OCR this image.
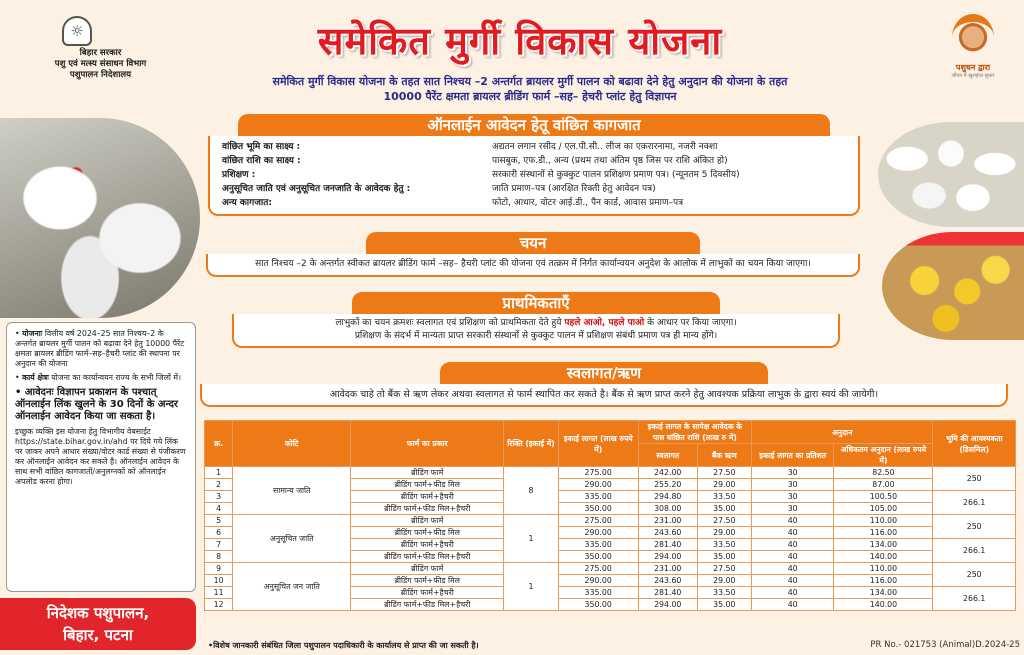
☼
बिहार सरकार
पशु एवं मत्स्य संसाधन विभाग
पशुपालन निदेशालय
समेकित मुर्गी विकास योजना
समेकित मुर्गी विकास योजना के तहत सात निश्चय –2 अन्तर्गत ब्रायलर मुर्गी पालन को बढावा देने हेतु अनुदान की योजना के तहत
10000 पैरेंट क्षमता ब्रायलर ब्रीडिंग फार्म –सह– हेचरी प्लांट हेतु विज्ञापन
पशुधन द्वारा
जीवन में खुशहाल सुधार
ऑनलाईन आवेदन हेतू वांछित कागजात
वांछित भूमि का साक्ष्य :	अद्यतन लगान रसीद / एल.पी.सी.. लीज का एकरारनामा, नजरी नक्शा
वांछित राशि का साक्ष्य :	पासबुक, एफ.डी., अन्य (प्रथम तथा अंतिम पृष्ठ जिस पर राशि अंकित हो)
प्रशिक्षण :	सरकारी संस्थानों से कुक्कुट पालन प्रशिक्षण प्रमाण पत्र। (न्यूनतम 5 दिवसीय)
अनुसूचित जाति एवं अनुसूचित जनजाति के आवेदक हेतु :	जाति प्रमाण–पत्र (आरक्षित रिक्ती हेतु आवेदन पत्र)
अन्य कागजात:	फोटो, आधार, वोटर आई.डी., पैन कार्ड, आवास प्रमाण–पत्र
चयन
सात निश्चय –2 के अन्तर्गत स्वीकत ब्रायलर ब्रीडिंग फार्म –सह– हैचरी प्लांट की योजना एवं तत्क्रम में निर्गत कार्यान्वयन अनुदेश के आलोक में लाभुकों का चयन किया जाएगा।
प्राथमिकताएँ
लाभुकों का चयन क्रमशः स्वलागत एवं प्रशिक्षण को प्राथमिकता देते हुये पहले आओ, पहले पाओ के आधार पर किया जाएगा।
प्रशिक्षण के संदर्भ में मान्यता प्राप्त सरकारी संस्थानों से कुक्कुट पालन में प्रशिक्षण संबंधी प्रमाण पत्र ही मान्य होंगे।
स्वलागत/ऋण
आवेदक चाहे तो बैंक से ऋण लेकर अथवा स्वलागत से फार्म स्थापित कर सकते है। बैंक से ऋण प्राप्त करने हेतु आवश्यक प्रक्रिया लाभुक के द्वारा स्वयं की जायेगी।

• योजनाः वित्तीय वर्ष 2024–25 सात निश्चय–2 के अन्तर्गत ब्रायलर मुर्गी पालन को बढावा देने हेतु 10000 पैरेंट क्षमता ब्रायलर ब्रीडिंग फार्म–सह–हैचरी प्लांट की स्थापना पर अनुदान की योजना

• कार्य क्षेत्रः योजना का कार्यान्वयन राज्य के सभी जिलों में।

• आवेदनः विज्ञापन प्रकाशन के पश्चात् ऑनलाईन लिंक खुलने के 30 दिनों के अन्दर ऑनलाईन आवेदन किया जा सकता है।

इच्छुक व्यक्ति इस योजना हेतु विभागीय वेबसाईट https://state.bihar.gov.in/ahd पर दिये गये लिंक पर जाकर अपने आधार संख्या/वोटर कार्ड संख्या से पंजीकरण कर ऑनलाईन आवेदन कर सकते है। ऑनलाईन आवेदन के साथ सभी वांछित कागजातों/अनुलग्नकों को ऑनलाईन अपलोड करना होगा।

निदेशक पशुपालन,
बिहार, पटना
क्र.	कोटि	फार्म का प्रकार	रिक्ति (इकाई में)	इकाई लागत (लाख रुपये में)	इकाई लागत के सापेक्ष आवेदक के पास वांछित राशि (लाख रु में)		अनुदान		भूमि की आवश्यकता (डिसमिल)
					स्वलागत	बैंक ऋण	इकाई लागत का प्रतिशत	अधिकतम अनुदान (लाख रुपये में)	
1	सामान्य जाति	ब्रीडिंग फार्म	8	275.00	242.00	27.50	30	82.50	250
2		ब्रीडिंग फार्म+फीड मिल		290.00	255.20	29.00	30	87.00	
3		ब्रीडिंग फार्म+हैचरी		335.00	294.80	33.50	30	100.50	266.1
4		ब्रीडिंग फार्म+फीड मिल+हैचरी		350.00	308.00	35.00	30	105.00	
5	अनुसूचित जाति	ब्रीडिंग फार्म	1	275.00	231.00	27.50	40	110.00	250
6		ब्रीडिंग फार्म+फीड मिल		290.00	243.60	29.00	40	116.00	
7		ब्रीडिंग फार्म+हैचरी		335.00	281.40	33.50	40	134.00	266.1
8		ब्रीडिंग फार्म+फीड मिल+हैचरी		350.00	294.00	35.00	40	140.00	
9	अनुसूचित जन जाति	ब्रीडिंग फार्म	1	275.00	231.00	27.50	40	110.00	250
10		ब्रीडिंग फार्म+फीड मिल		290.00	243.60	29.00	40	116.00	
11		ब्रीडिंग फार्म+हैचरी		335.00	281.40	33.50	40	134.00	266.1
12		ब्रीडिंग फार्म+फीड मिल+हैचरी		350.00	294.00	35.00	40	140.00	
•विशेष जानकारी संबंधित जिला पशुपालन पदाधिकारी के कार्यालय से प्राप्त की जा सकती है।	PR No.- 021753 (Animal)D.2024-25
